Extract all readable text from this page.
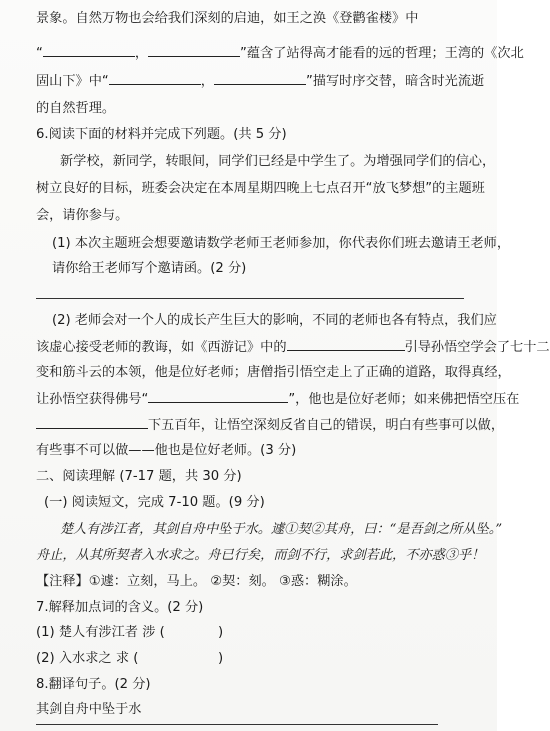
景象。自然万物也会给我们深刻的启迪，如王之涣《登鹳雀楼》中
“	，	”蕴含了站得高才能看的远的哲理；王湾的《次北
固山下》中“	，	”描写时序交替，暗含时光流逝
的自然哲理。
6.阅读下面的材料并完成下列题。(共 5 分)
新学校，新同学，转眼间，同学们已经是中学生了。为增强同学们的信心，
树立良好的目标，班委会决定在本周星期四晚上七点召开“放飞梦想”的主题班
会，请你参与。
(1) 本次主题班会想要邀请数学老师王老师参加，你代表你们班去邀请王老师，
请你给王老师写个邀请函。(2 分)
(2) 老师会对一个人的成长产生巨大的影响，不同的老师也各有特点，我们应
该虚心接受老师的教诲，如《西游记》中的	引导孙悟空学会了七十二
变和筋斗云的本领，他是位好老师；唐僧指引悟空走上了正确的道路，取得真经，
让孙悟空获得佛号“	”，他也是位好老师；如来佛把悟空压在
下五百年，让悟空深刻反省自己的错误，明白有些事可以做，
有些事不可以做——他也是位好老师。(3 分)
二、阅读理解 (7-17 题，共 30 分)
(一) 阅读短文，完成 7-10 题。(9 分)
楚人有涉江者，其剑自舟中坠于水。遽①契②其舟，曰：“是吾剑之所从坠。”
舟止，从其所契者入水求之。舟已行矣，而剑不行，求剑若此，不亦惑③乎！
【注释】①遽：立刻，马上。 ②契：刻。 ③惑：糊涂。
7.解释加点词的含义。(2 分)
(1) 楚人有涉江者 涉 (	)
(2) 入水求之 求 (	)
8.翻译句子。(2 分)
其剑自舟中坠于水
